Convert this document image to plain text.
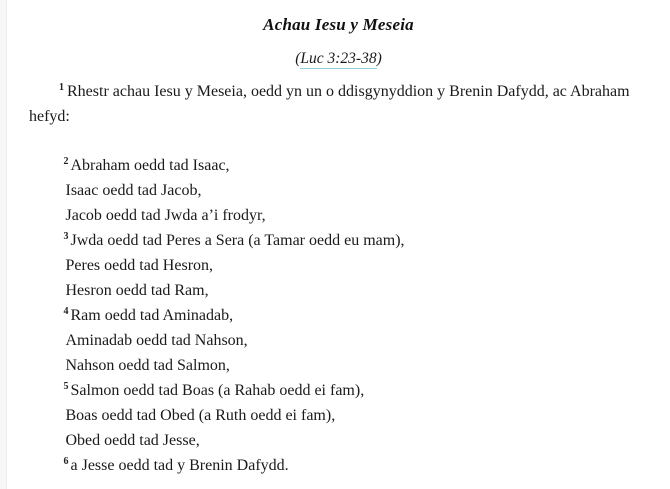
Achau Iesu y Meseia
(Luc 3:23-38)

$^1$ Rhestr achau Iesu y Meseia, oedd yn un o ddisgynyddion y Brenin Dafydd, ac Abraham hefyd:

$^2$ Abraham oedd tad Isaac,
Isaac oedd tad Jacob,
Jacob oedd tad Jwda a’i frodyr,
$^3$ Jwda oedd tad Peres a Sera (a Tamar oedd eu mam),
Peres oedd tad Hesron,
Hesron oedd tad Ram,
$^4$ Ram oedd tad Aminadab,
Aminadab oedd tad Nahson,
Nahson oedd tad Salmon,
$^5$ Salmon oedd tad Boas (a Rahab oedd ei fam),
Boas oedd tad Obed (a Ruth oedd ei fam),
Obed oedd tad Jesse,
$^6$ a Jesse oedd tad y Brenin Dafydd.
